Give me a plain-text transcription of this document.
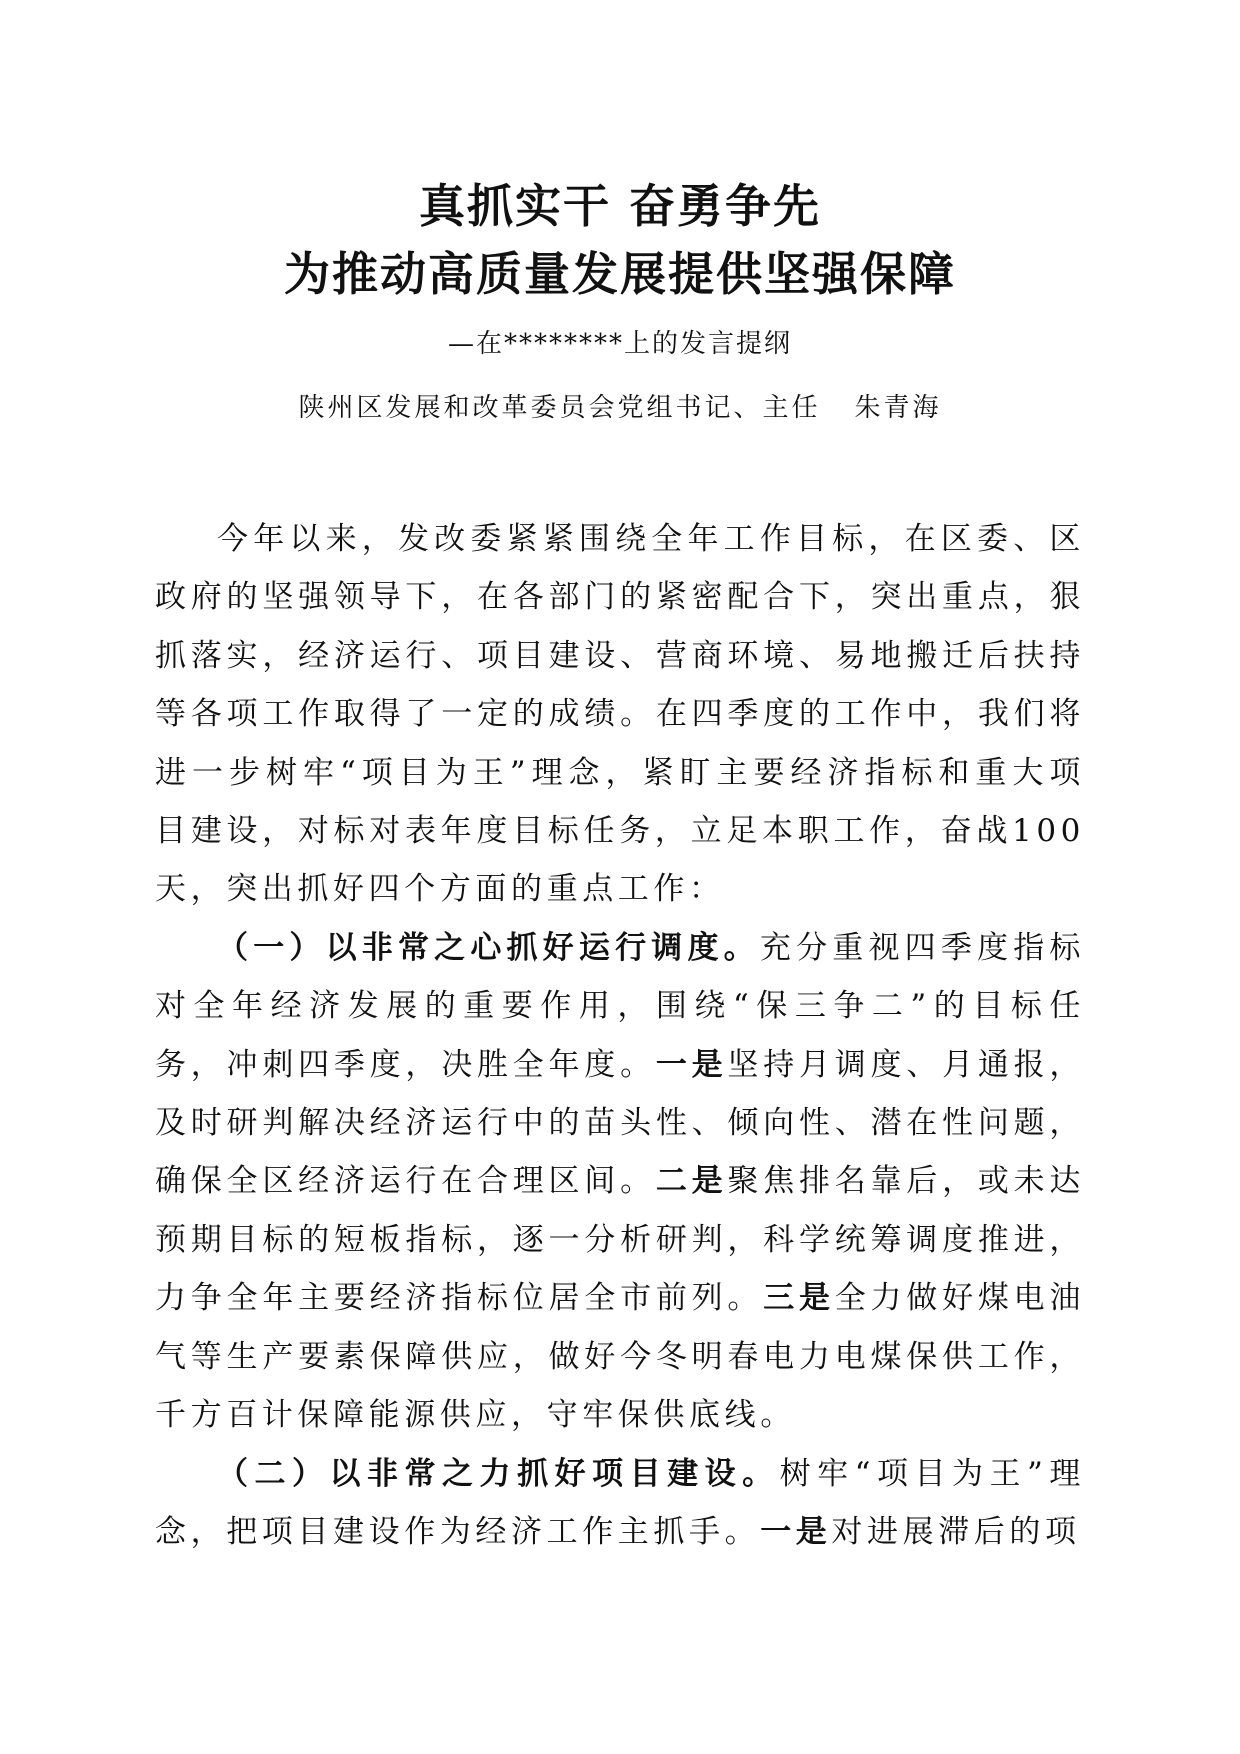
真抓实干 奋勇争先
为推动高质量发展提供坚强保障
—在********上的发言提纲
陕州区发展和改革委员会党组书记、主任 朱青海

今年以来，发改委紧紧围绕全年工作目标，在区委、区政府的坚强领导下，在各部门的紧密配合下，突出重点，狠抓落实，经济运行、项目建设、营商环境、易地搬迁后扶持等各项工作取得了一定的成绩。在四季度的工作中，我们将进一步树牢“项目为王”理念，紧盯主要经济指标和重大项目建设，对标对表年度目标任务，立足本职工作，奋战100天，突出抓好四个方面的重点工作：

（一）以非常之心抓好运行调度。充分重视四季度指标对全年经济发展的重要作用，围绕“保三争二”的目标任务，冲刺四季度，决胜全年度。一是坚持月调度、月通报，及时研判解决经济运行中的苗头性、倾向性、潜在性问题，确保全区经济运行在合理区间。二是聚焦排名靠后，或未达预期目标的短板指标，逐一分析研判，科学统筹调度推进，力争全年主要经济指标位居全市前列。三是全力做好煤电油气等生产要素保障供应，做好今冬明春电力电煤保供工作，千方百计保障能源供应，守牢保供底线。

（二）以非常之力抓好项目建设。树牢“项目为王”理念，把项目建设作为经济工作主抓手。一是对进展滞后的项
